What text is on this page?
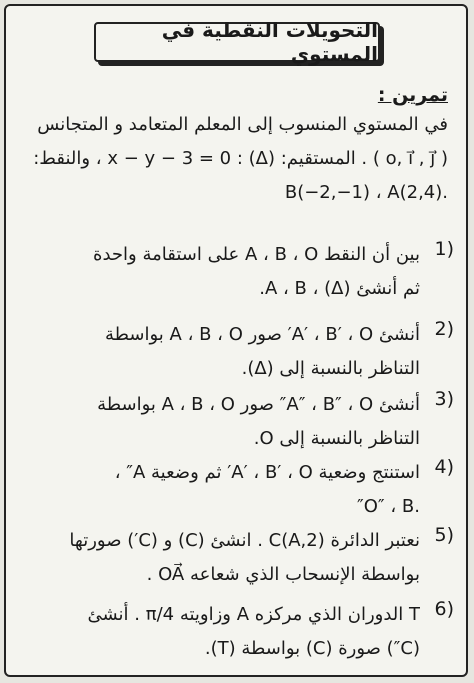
التحويلات النقطية في المستوي
تمرين :
في المستوي المنسوب إلى المعلم المتعامد و المتجانس
( o, i⃗ , j⃗ ) . المستقيم: (Δ) : x − y − 3 = 0 ، والنقط:
.B(−2,−1) ، A(2,4)
1)
بين أن النقط A ، B ، O على استقامة واحدة
ثم أنشئ A ، B ، (Δ).
2)
أنشئ A′ ، B′ ، O′ صور A ، B ، O بواسطة
التناظر بالنسبة إلى (Δ).
3)
أنشئ A″ ، B″ ، O″ صور A ، B ، O بواسطة
التناظر بالنسبة إلى O.
4)
استنتج وضعية A′ ، B′ ، O′ ثم وضعية A″ ،
.O″ ، B″
5)
نعتبر الدائرة C(A,2) . انشئ (C) و (C′) صورتها
بواسطة الإنسحاب الذي شعاعه OA⃗ .
6)
T الدوران الذي مركزه A وزاويته π/4 . أنشئ
(C″) صورة (C) بواسطة (T).
